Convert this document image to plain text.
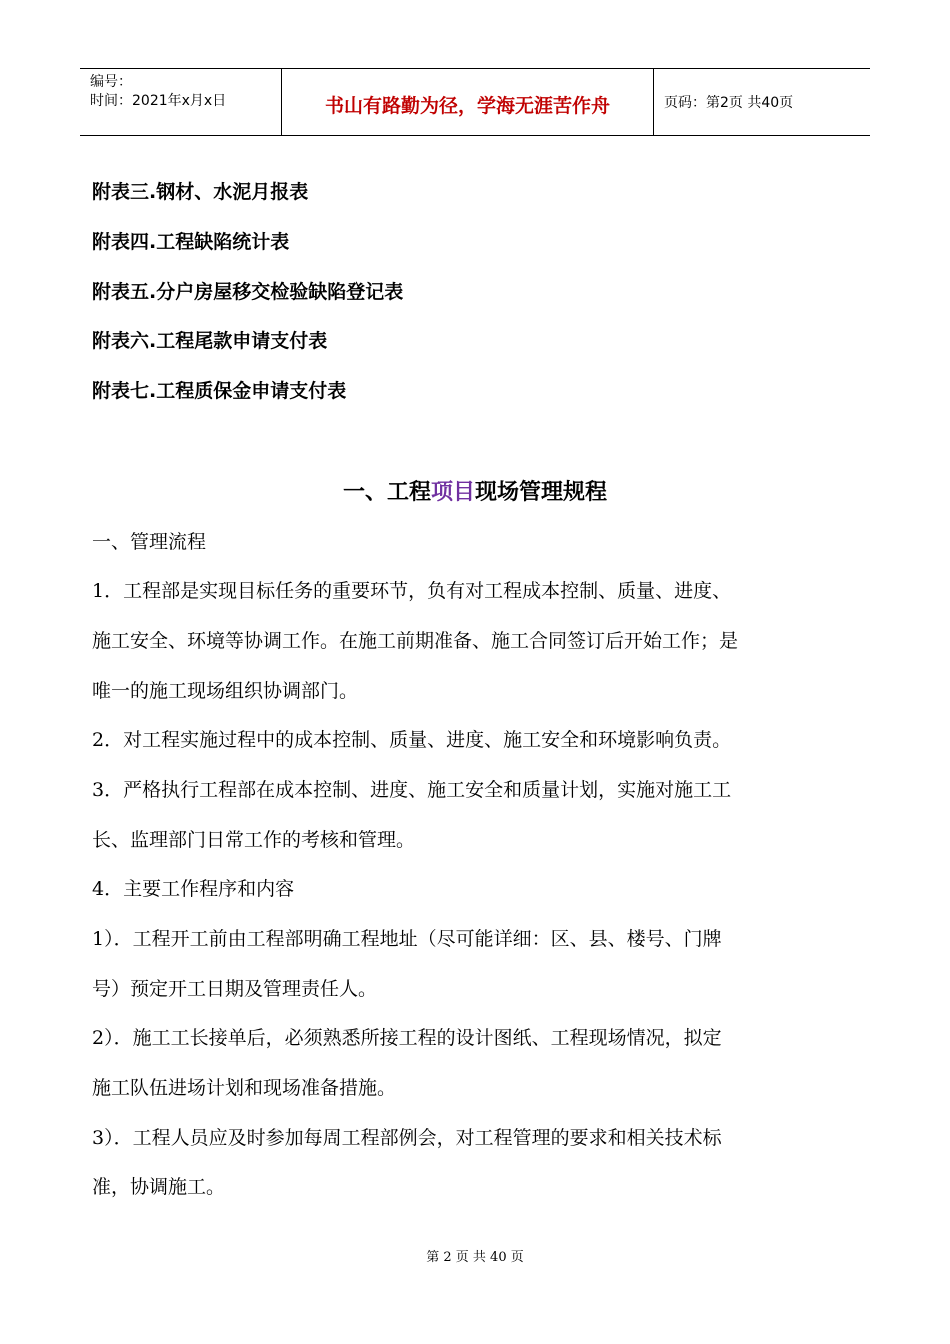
编号：
时间：2021年x月x日	书山有路勤为径，学海无涯苦作舟	页码：第2页 共40页
附表三.钢材、水泥月报表
附表四.工程缺陷统计表
附表五.分户房屋移交检验缺陷登记表
附表六.工程尾款申请支付表
附表七.工程质保金申请支付表
一、工程项目现场管理规程
一、管理流程
1．工程部是实现目标任务的重要环节，负有对工程成本控制、质量、进度、
施工安全、环境等协调工作。在施工前期准备、施工合同签订后开始工作；是
唯一的施工现场组织协调部门。
2．对工程实施过程中的成本控制、质量、进度、施工安全和环境影响负责。
3．严格执行工程部在成本控制、进度、施工安全和质量计划，实施对施工工
长、监理部门日常工作的考核和管理。
4．主要工作程序和内容
1）．工程开工前由工程部明确工程地址（尽可能详细：区、县、楼号、门牌
号）预定开工日期及管理责任人。
2）．施工工长接单后，必须熟悉所接工程的设计图纸、工程现场情况，拟定
施工队伍进场计划和现场准备措施。
3）．工程人员应及时参加每周工程部例会，对工程管理的要求和相关技术标
准，协调施工。
第 2 页 共 40 页
